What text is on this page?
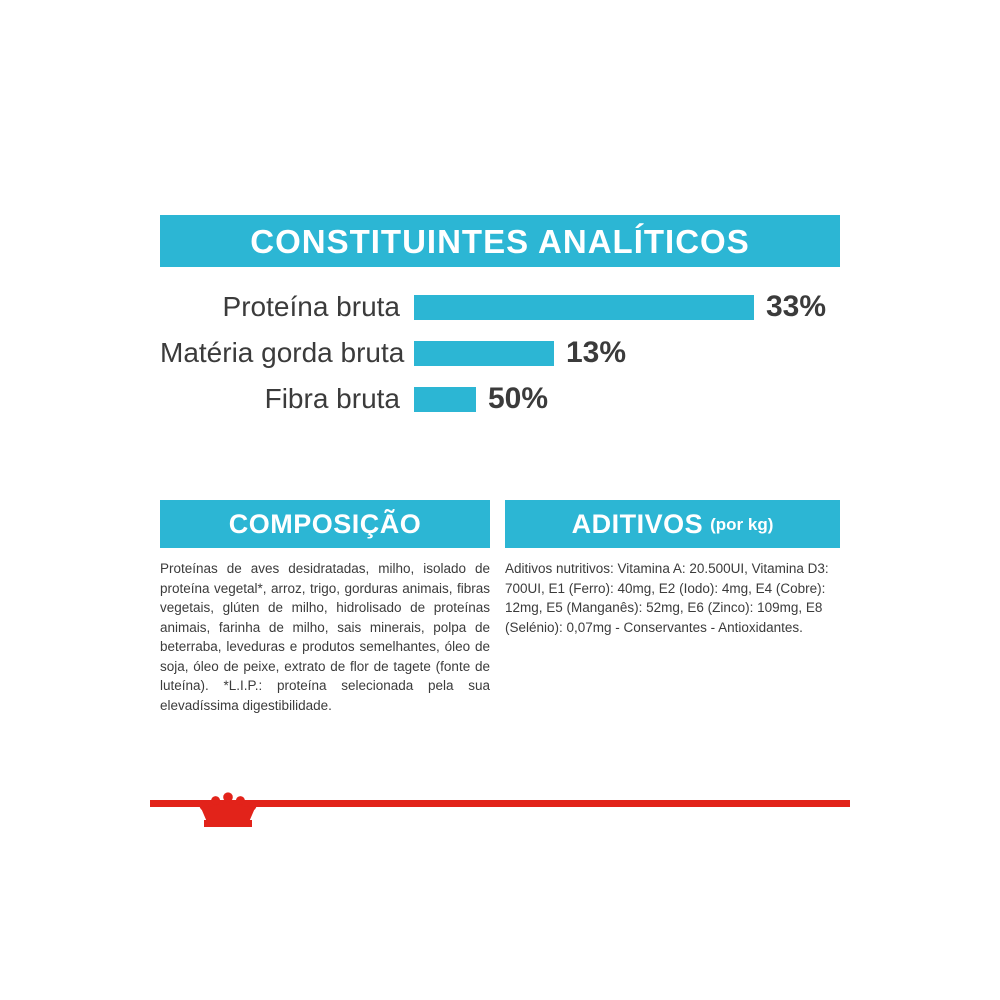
CONSTITUINTES ANALÍTICOS
Proteína bruta	33%
Matéria gorda bruta	13%
Fibra bruta	50%
COMPOSIÇÃO
Proteínas de aves desidratadas, milho, isolado de proteína vegetal*, arroz, trigo, gorduras animais, fibras vegetais, glúten de milho, hidrolisado de proteínas animais, farinha de milho, sais minerais, polpa de beterraba, leveduras e produtos semelhantes, óleo de soja, óleo de peixe, extrato de flor de tagete (fonte de luteína). *L.I.P.: proteína selecionada pela sua elevadíssima digestibilidade.
ADITIVOS (por kg)
Aditivos nutritivos: Vitamina A: 20.500UI, Vitamina D3: 700UI, E1 (Ferro): 40mg, E2 (Iodo): 4mg, E4 (Cobre): 12mg, E5 (Manganês): 52mg, E6 (Zinco): 109mg, E8 (Selénio): 0,07mg - Conservantes - Antioxidantes.
